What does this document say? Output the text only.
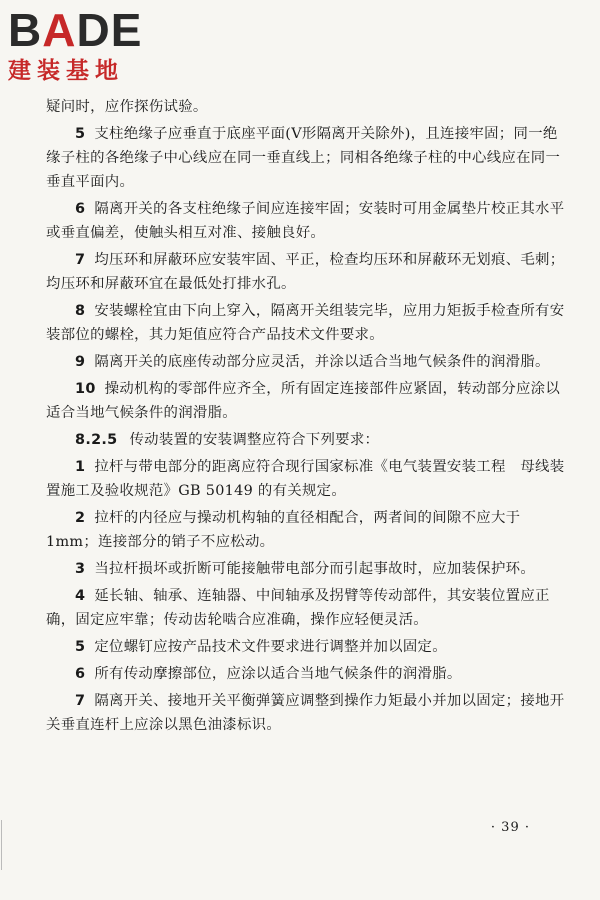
BADE
建装基地

疑问时，应作探伤试验。

5 支柱绝缘子应垂直于底座平面(V形隔离开关除外)，且连接牢固；同一绝缘子柱的各绝缘子中心线应在同一垂直线上；同相各绝缘子柱的中心线应在同一垂直平面内。

6 隔离开关的各支柱绝缘子间应连接牢固；安装时可用金属垫片校正其水平或垂直偏差，使触头相互对准、接触良好。

7 均压环和屏蔽环应安装牢固、平正，检查均压环和屏蔽环无划痕、毛刺；均压环和屏蔽环宜在最低处打排水孔。

8 安装螺栓宜由下向上穿入，隔离开关组装完毕，应用力矩扳手检查所有安装部位的螺栓，其力矩值应符合产品技术文件要求。

9 隔离开关的底座传动部分应灵活，并涂以适合当地气候条件的润滑脂。

10 操动机构的零部件应齐全，所有固定连接部件应紧固，转动部分应涂以适合当地气候条件的润滑脂。

8.2.5 传动装置的安装调整应符合下列要求：

1 拉杆与带电部分的距离应符合现行国家标准《电气装置安装工程　母线装置施工及验收规范》GB 50149 的有关规定。

2 拉杆的内径应与操动机构轴的直径相配合，两者间的间隙不应大于 1mm；连接部分的销子不应松动。

3 当拉杆损坏或折断可能接触带电部分而引起事故时，应加装保护环。

4 延长轴、轴承、连轴器、中间轴承及拐臂等传动部件，其安装位置应正确，固定应牢靠；传动齿轮啮合应准确，操作应轻便灵活。

5 定位螺钉应按产品技术文件要求进行调整并加以固定。

6 所有传动摩擦部位，应涂以适合当地气候条件的润滑脂。

7 隔离开关、接地开关平衡弹簧应调整到操作力矩最小并加以固定；接地开关垂直连杆上应涂以黑色油漆标识。

· 39 ·
